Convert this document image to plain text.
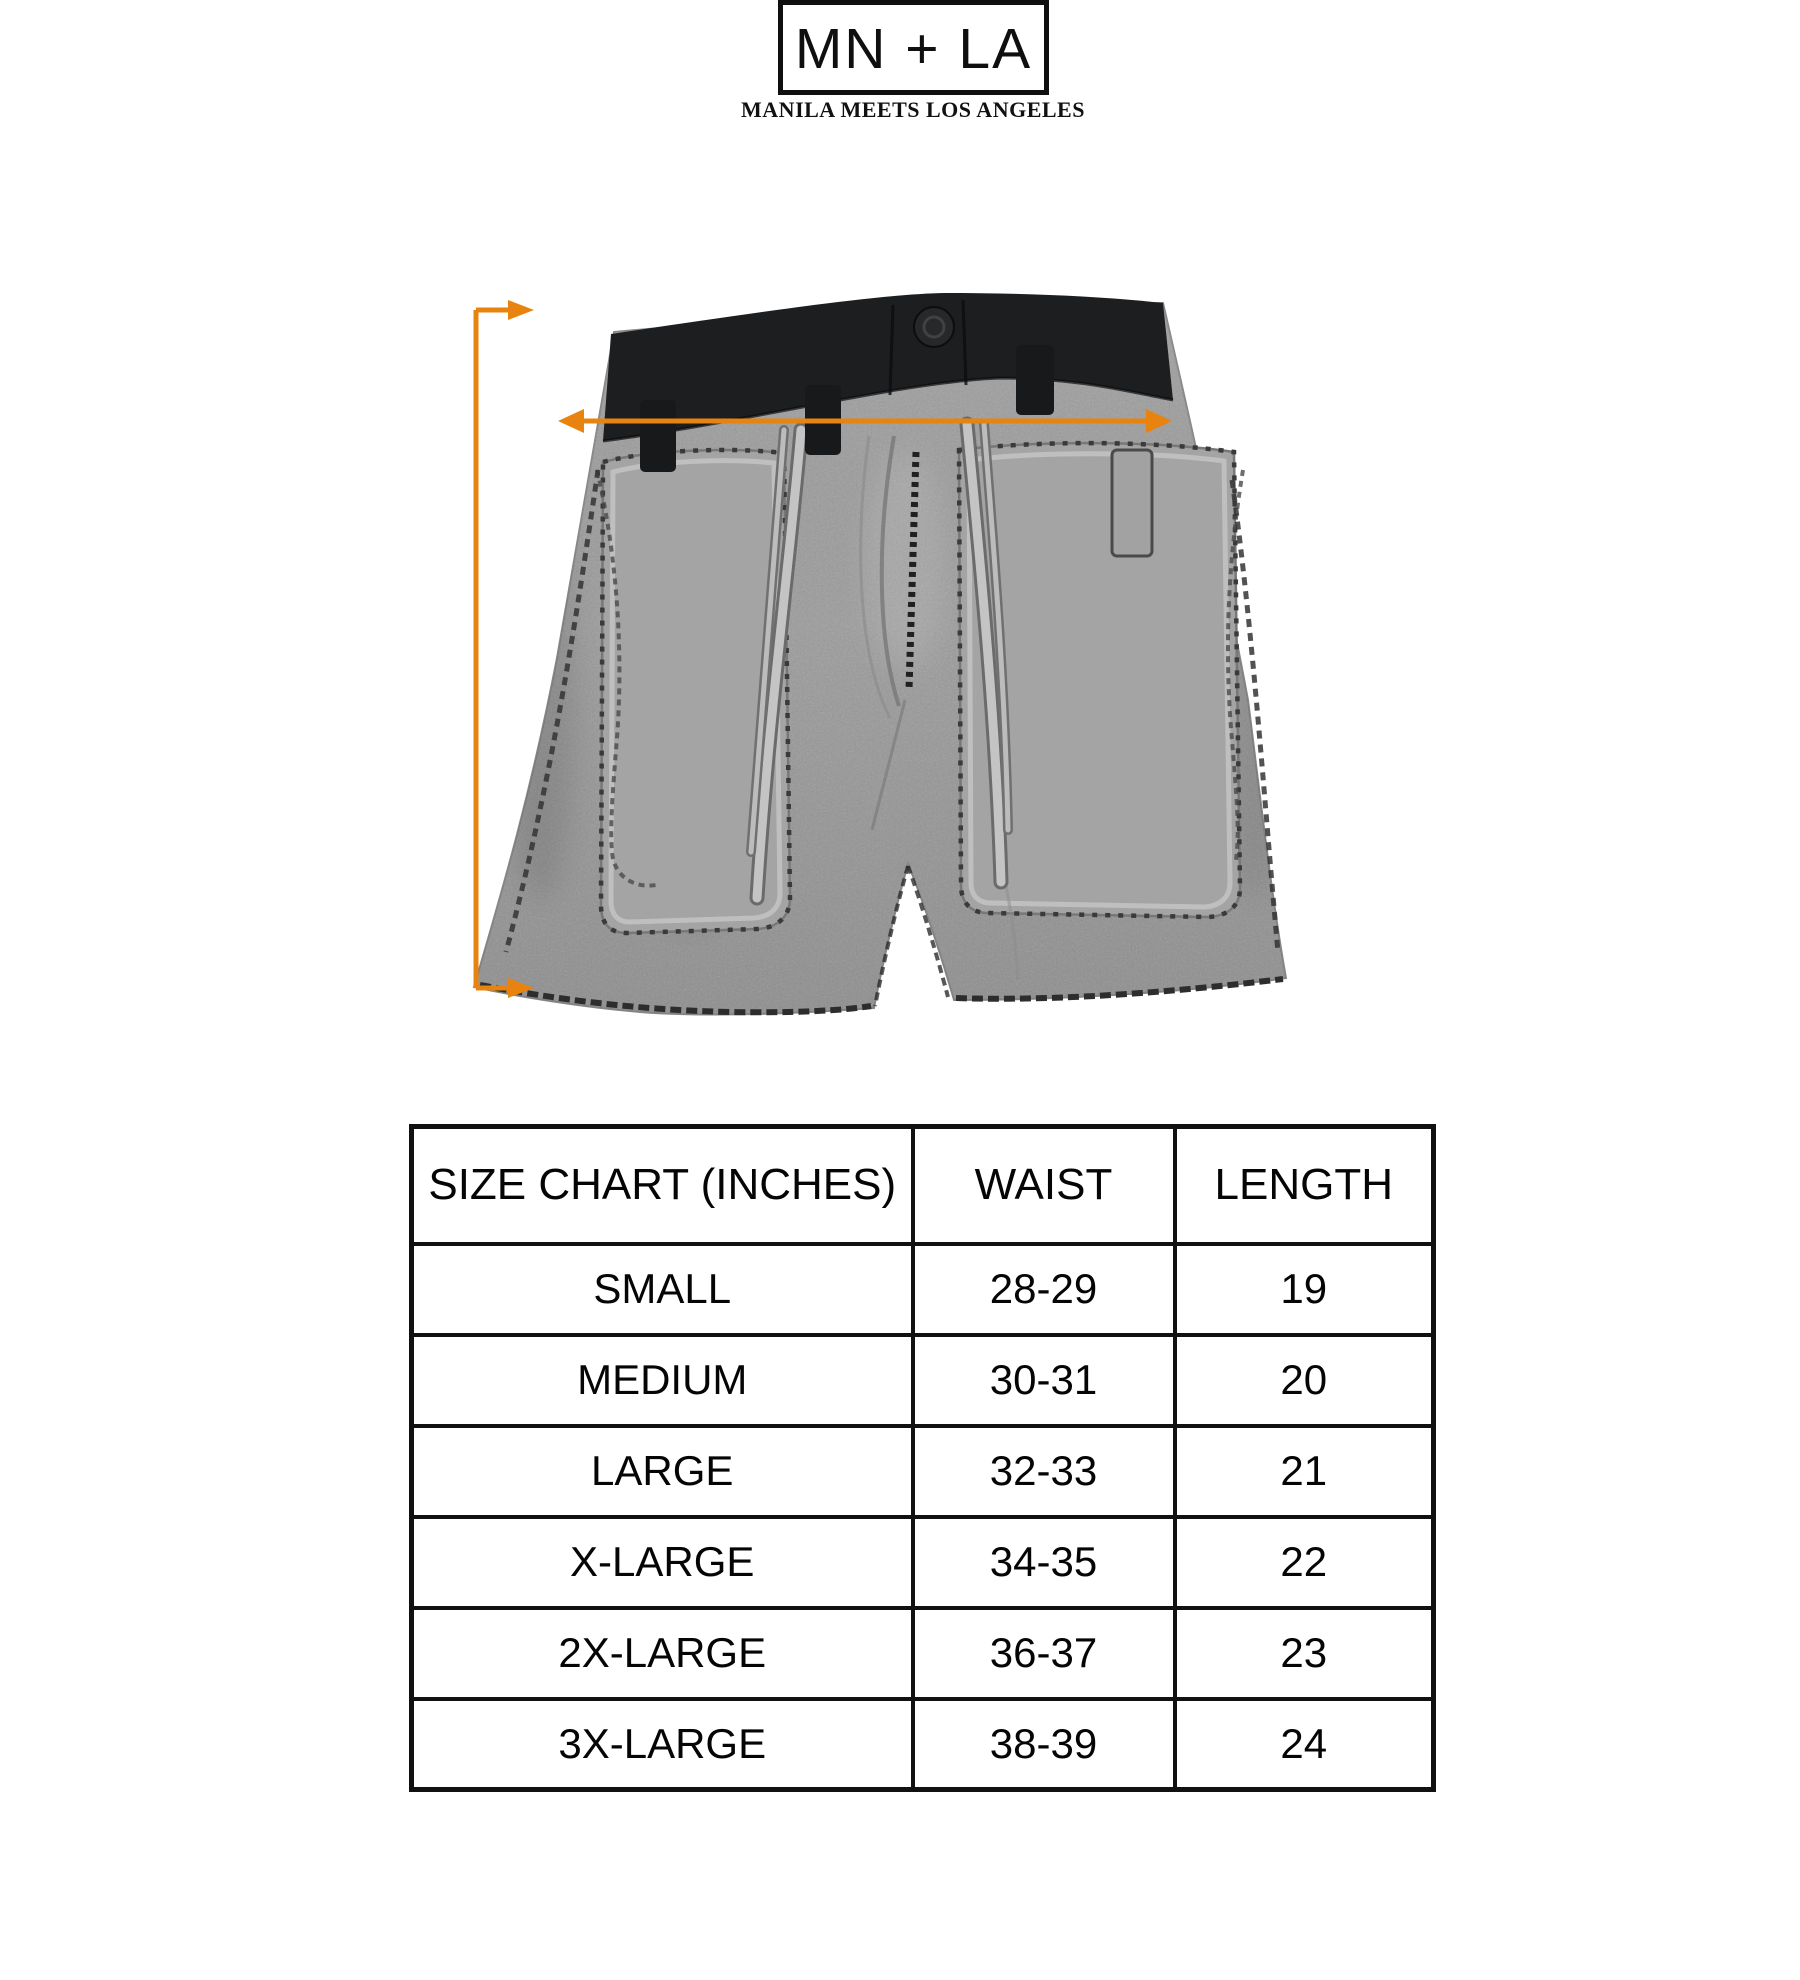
MN + LA
MANILA MEETS LOS ANGELES
SIZE CHART (INCHES)	WAIST	LENGTH
SMALL	28-29	19
MEDIUM	30-31	20
LARGE	32-33	21
X-LARGE	34-35	22
2X-LARGE	36-37	23
3X-LARGE	38-39	24
